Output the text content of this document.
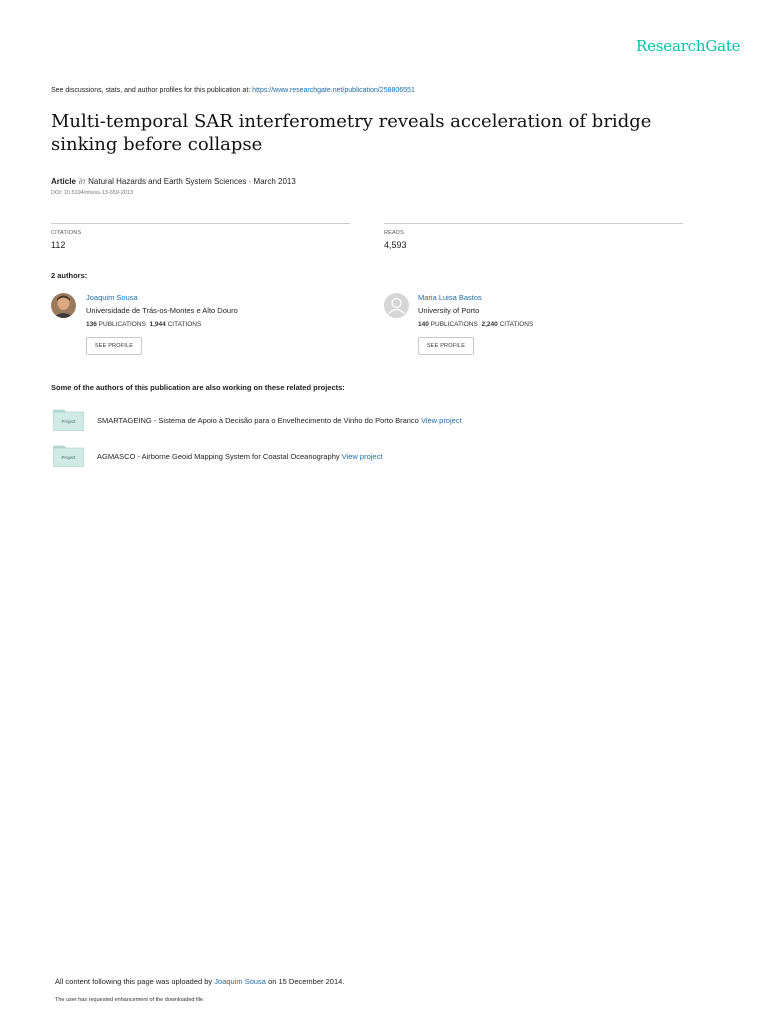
ResearchGate
See discussions, stats, and author profiles for this publication at: https://www.researchgate.net/publication/258806551
Multi-temporal SAR interferometry reveals acceleration of bridge sinking before collapse
Article in Natural Hazards and Earth System Sciences · March 2013
DOI: 10.5194/nhess-13-659-2013
CITATIONS
112
READS
4,593
2 authors:
Joaquim Sousa
Universidade de Trás-os-Montes e Alto Douro
136 PUBLICATIONS 1,944 CITATIONS
SEE PROFILE
Maria Luisa Bastos
University of Porto
140 PUBLICATIONS 2,240 CITATIONS
SEE PROFILE
Some of the authors of this publication are also working on these related projects:
Project	SMARTAGEING - Sistema de Apoio à Decisão para o Envelhecimento de Vinho do Porto Branco View project
Project	AGMASCO - Airborne Geoid Mapping System for Coastal Oceanography View project
All content following this page was uploaded by Joaquim Sousa on 15 December 2014.
The user has requested enhancement of the downloaded file.
